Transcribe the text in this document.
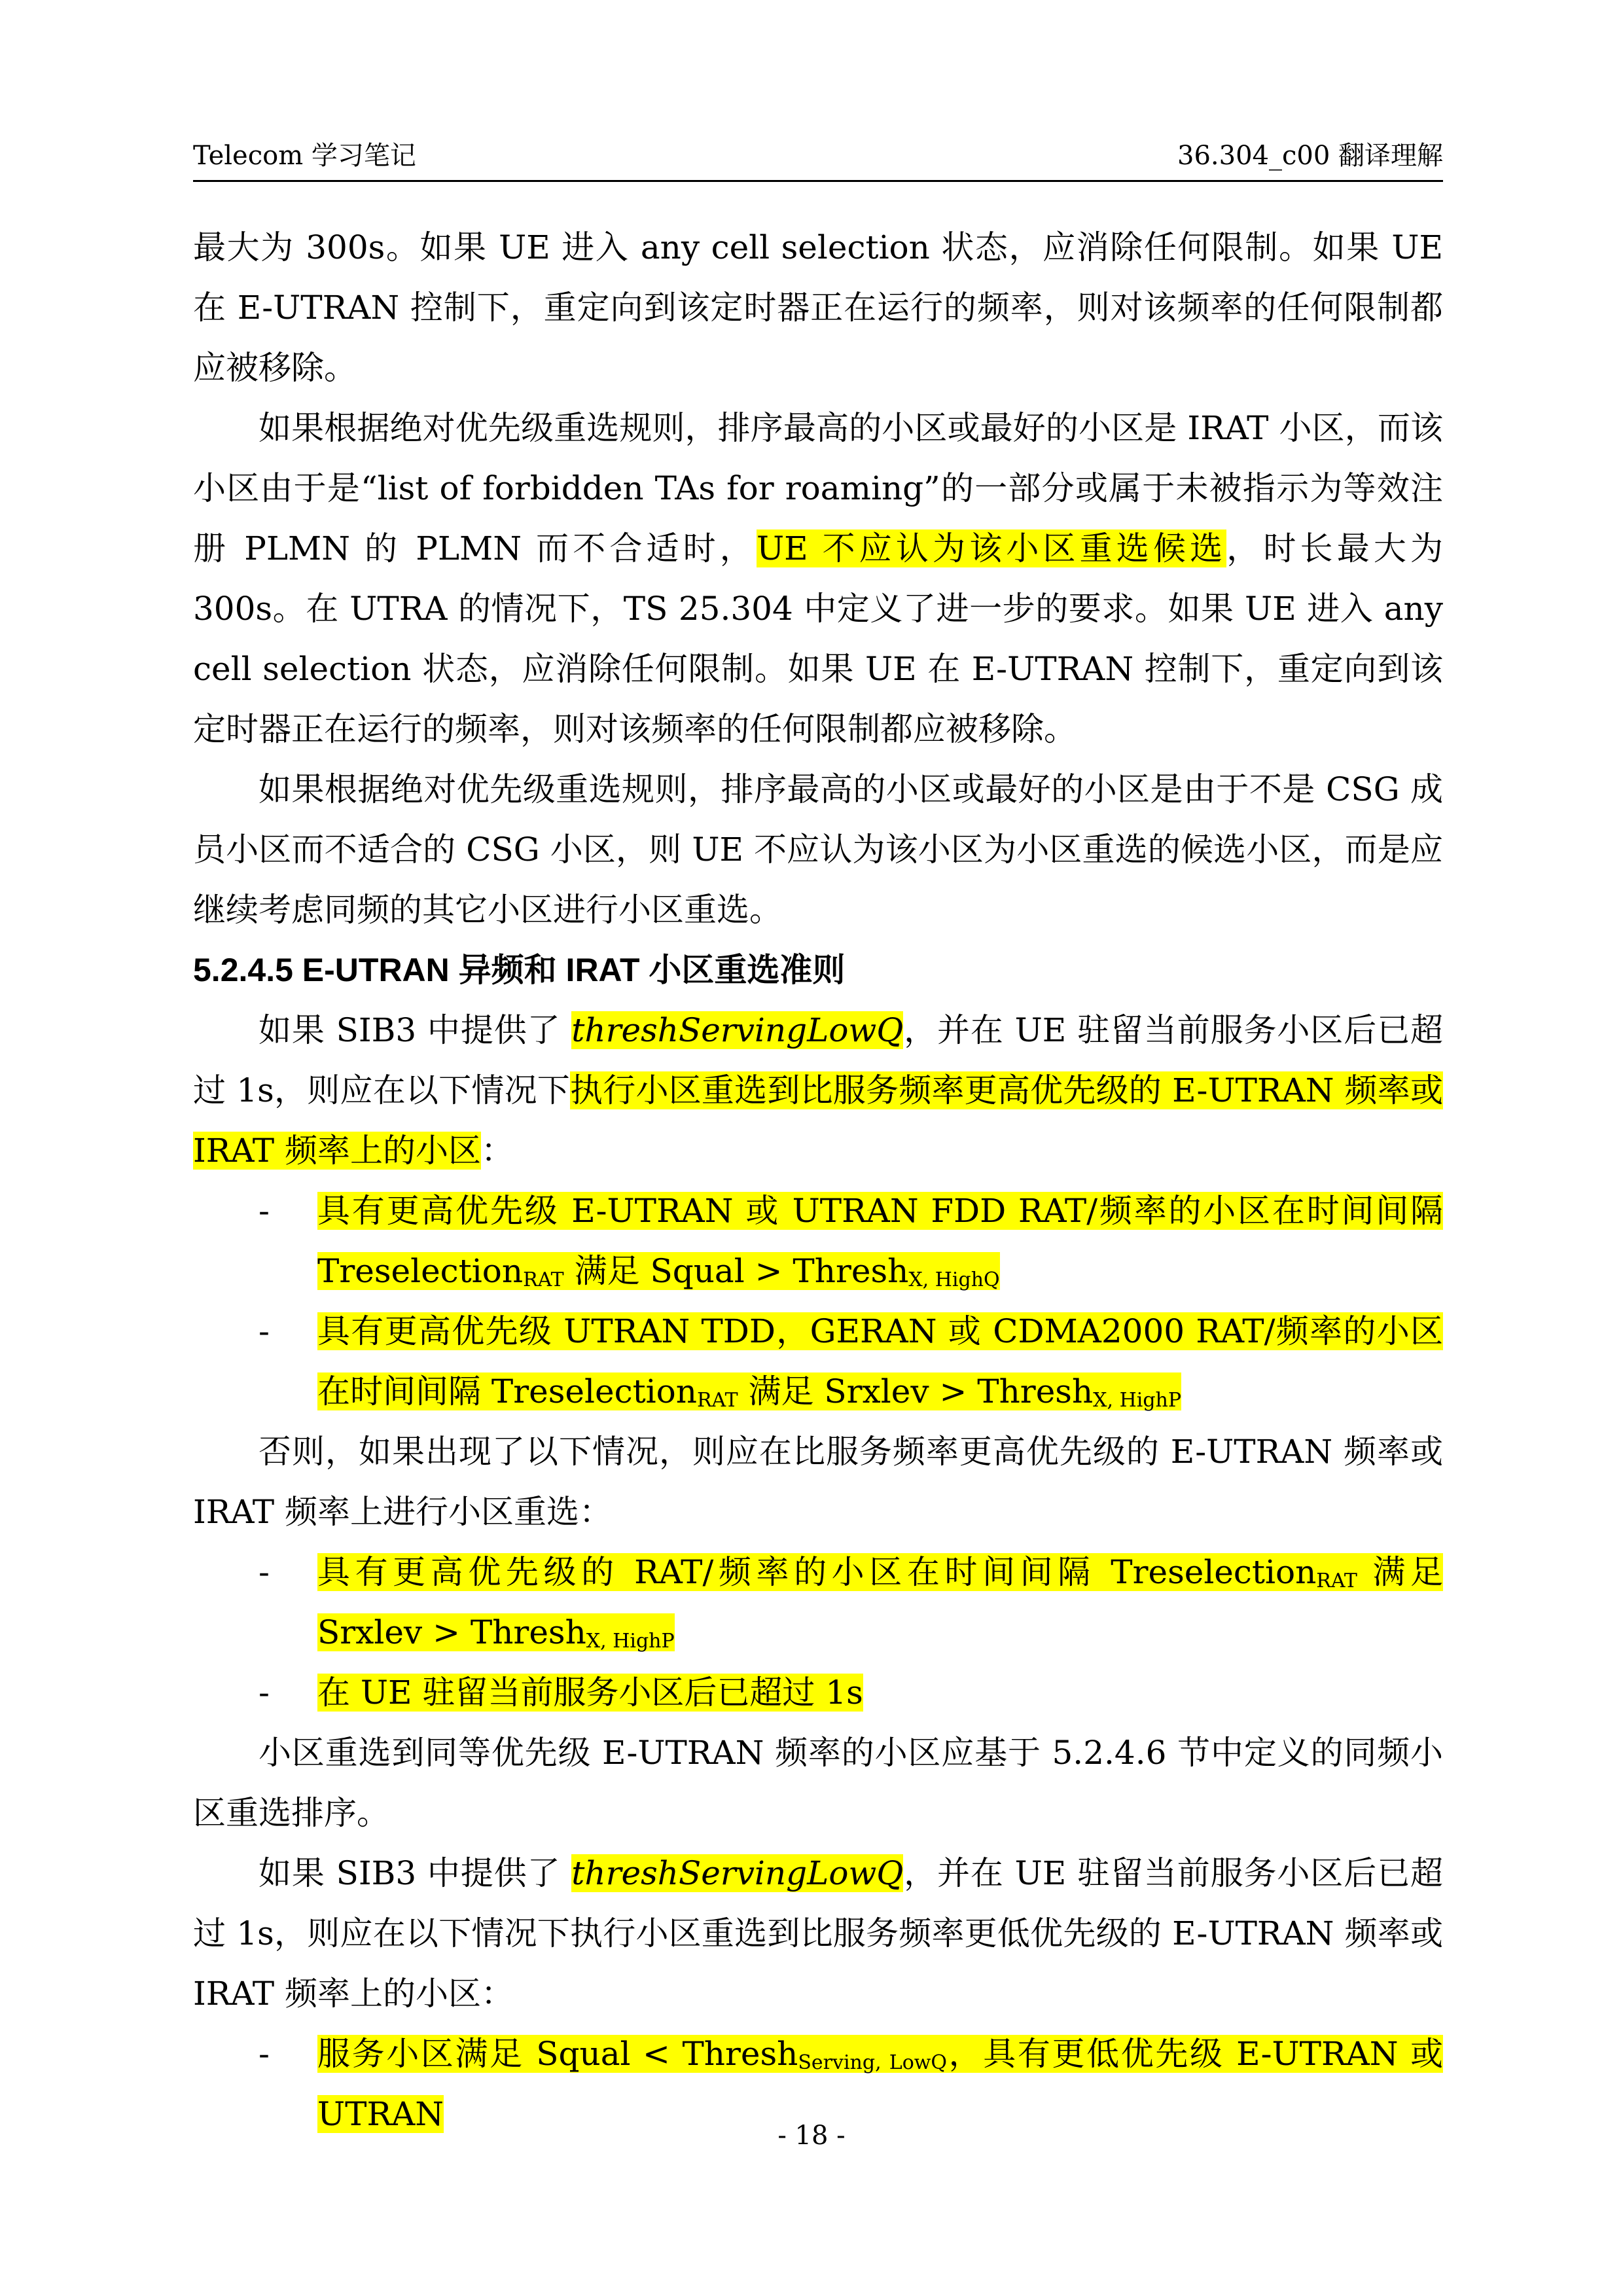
Telecom 学习笔记	36.304_c00 翻译理解

最大为 300s。如果 UE 进入 any cell selection 状态，应消除任何限制。如果 UE 在 E-UTRAN 控制下，重定向到该定时器正在运行的频率，则对该频率的任何限制都应被移除。

如果根据绝对优先级重选规则，排序最高的小区或最好的小区是 IRAT 小区，而该小区由于是“list of forbidden TAs for roaming”的一部分或属于未被指示为等效注册 PLMN 的 PLMN 而不合适时，UE 不应认为该小区重选候选，时长最大为 300s。在 UTRA 的情况下，TS 25.304 中定义了进一步的要求。如果 UE 进入 any cell selection 状态，应消除任何限制。如果 UE 在 E-UTRAN 控制下，重定向到该定时器正在运行的频率，则对该频率的任何限制都应被移除。

如果根据绝对优先级重选规则，排序最高的小区或最好的小区是由于不是 CSG 成员小区而不适合的 CSG 小区，则 UE 不应认为该小区为小区重选的候选小区，而是应继续考虑同频的其它小区进行小区重选。

5.2.4.5 E-UTRAN 异频和 IRAT 小区重选准则

如果 SIB3 中提供了 threshServingLowQ，并在 UE 驻留当前服务小区后已超过 1s，则应在以下情况下执行小区重选到比服务频率更高优先级的 E-UTRAN 频率或 IRAT 频率上的小区：

- 具有更高优先级 E-UTRAN 或 UTRAN FDD RAT/频率的小区在时间间隔 Treselection$_{RAT}$ 满足 Squal > Thresh$_{X, HighQ}$

- 具有更高优先级 UTRAN TDD，GERAN 或 CDMA2000 RAT/频率的小区在时间间隔 Treselection$_{RAT}$ 满足 Srxlev > Thresh$_{X, HighP}$

否则，如果出现了以下情况，则应在比服务频率更高优先级的 E-UTRAN 频率或 IRAT 频率上进行小区重选：

- 具有更高优先级的 RAT/频率的小区在时间间隔 Treselection$_{RAT}$ 满足 Srxlev > Thresh$_{X, HighP}$

- 在 UE 驻留当前服务小区后已超过 1s

小区重选到同等优先级 E-UTRAN 频率的小区应基于 5.2.4.6 节中定义的同频小区重选排序。

如果 SIB3 中提供了 threshServingLowQ，并在 UE 驻留当前服务小区后已超过 1s，则应在以下情况下执行小区重选到比服务频率更低优先级的 E-UTRAN 频率或 IRAT 频率上的小区：

- 服务小区满足 Squal < Thresh$_{Serving, LowQ}$，具有更低优先级 E-UTRAN 或 UTRAN

- 18 -
